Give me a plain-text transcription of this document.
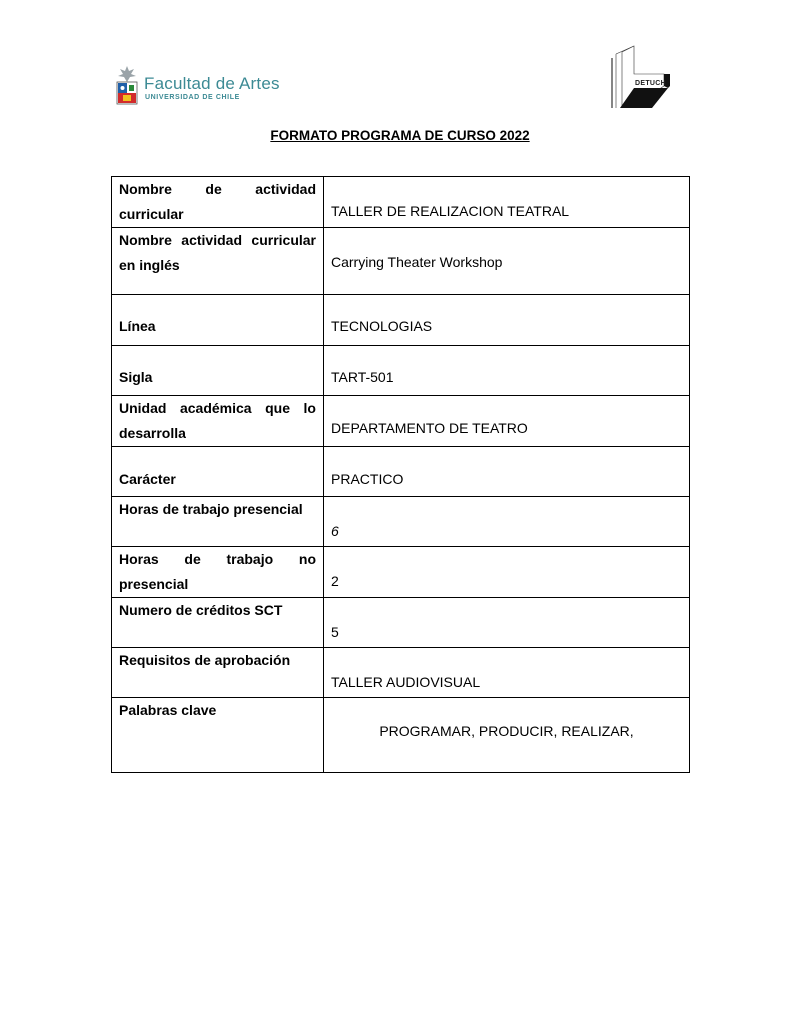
Facultad de Artes
UNIVERSIDAD DE CHILE
DETUCH
FORMATO PROGRAMA DE CURSO 2022
Nombre de actividad curricular	TALLER DE REALIZACION TEATRAL

Nombre actividad curricular en inglés	Carrying Theater Workshop

Línea	TECNOLOGIAS

Sigla	TART-501

Unidad académica que lo desarrolla	DEPARTAMENTO DE TEATRO

Carácter	PRACTICO

Horas de trabajo presencial	6

Horas de trabajo no presencial	2

Numero de créditos SCT	5

Requisitos de aprobación	TALLER AUDIOVISUAL

Palabras clave	PROGRAMAR, PRODUCIR, REALIZAR,
